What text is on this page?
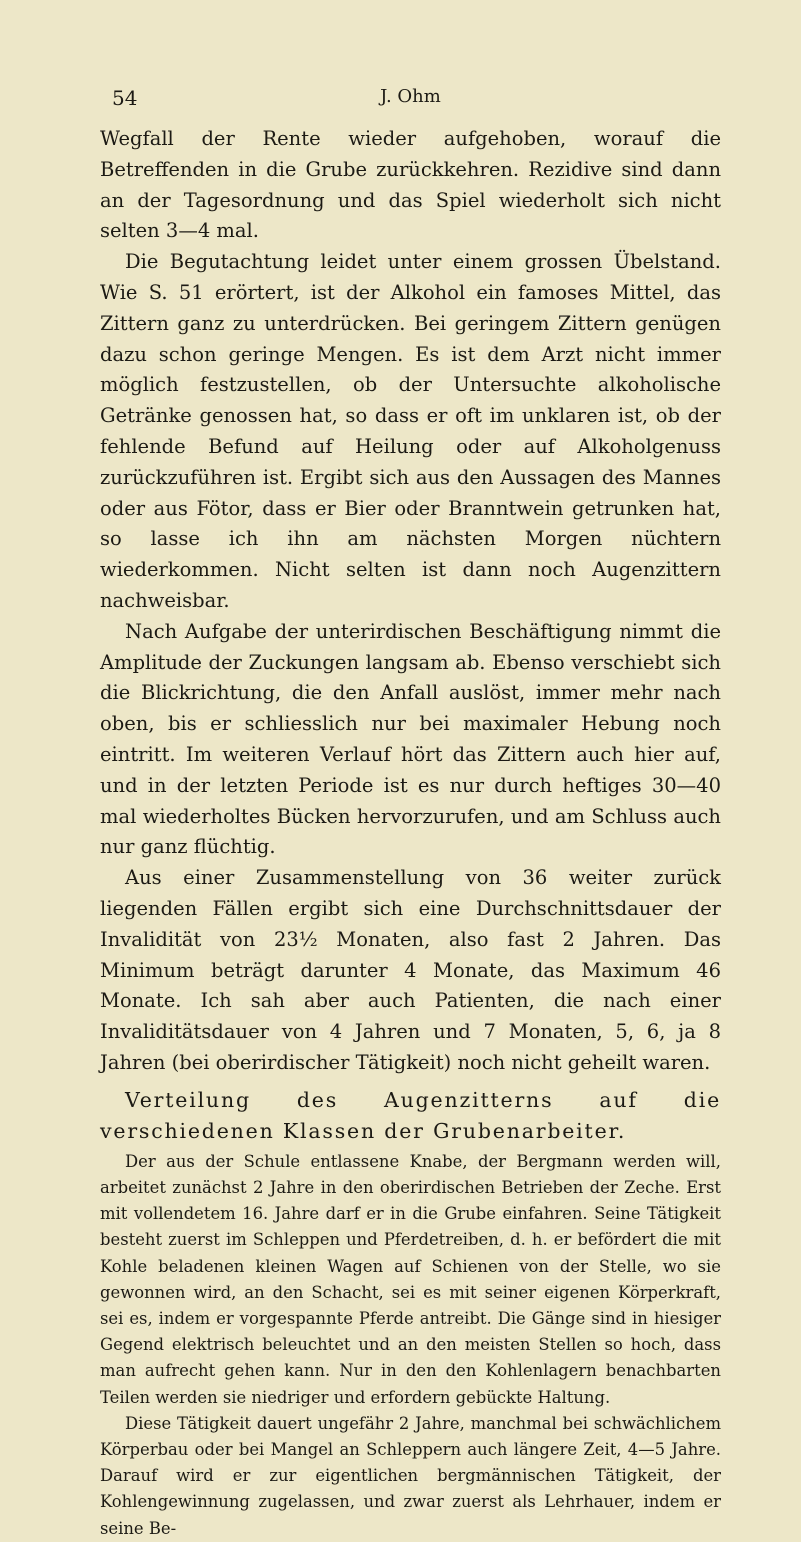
54	J. Ohm

Wegfall der Rente wieder aufgehoben, worauf die Betreffenden in die Grube zurückkehren. Rezidive sind dann an der Tagesordnung und das Spiel wiederholt sich nicht selten 3—4 mal.

Die Begutachtung leidet unter einem grossen Übelstand. Wie S. 51 erörtert, ist der Alkohol ein famoses Mittel, das Zittern ganz zu unterdrücken. Bei geringem Zittern genügen dazu schon geringe Mengen. Es ist dem Arzt nicht immer möglich festzustellen, ob der Untersuchte alkoholische Getränke genossen hat, so dass er oft im unklaren ist, ob der fehlende Befund auf Heilung oder auf Alkoholgenuss zurückzuführen ist. Ergibt sich aus den Aussagen des Mannes oder aus Fötor, dass er Bier oder Branntwein getrunken hat, so lasse ich ihn am nächsten Morgen nüchtern wiederkommen. Nicht selten ist dann noch Augenzittern nachweisbar.

Nach Aufgabe der unterirdischen Beschäftigung nimmt die Amplitude der Zuckungen langsam ab. Ebenso verschiebt sich die Blickrichtung, die den Anfall auslöst, immer mehr nach oben, bis er schliesslich nur bei maximaler Hebung noch eintritt. Im weiteren Verlauf hört das Zittern auch hier auf, und in der letzten Periode ist es nur durch heftiges 30—40 mal wiederholtes Bücken hervorzurufen, und am Schluss auch nur ganz flüchtig.

Aus einer Zusammenstellung von 36 weiter zurück liegenden Fällen ergibt sich eine Durchschnittsdauer der Invalidität von 23½ Monaten, also fast 2 Jahren. Das Minimum beträgt darunter 4 Monate, das Maximum 46 Monate. Ich sah aber auch Patienten, die nach einer Invaliditätsdauer von 4 Jahren und 7 Monaten, 5, 6, ja 8 Jahren (bei oberirdischer Tätigkeit) noch nicht geheilt waren.

Verteilung des Augenzitterns auf die verschiedenen Klassen der Grubenarbeiter.

Der aus der Schule entlassene Knabe, der Bergmann werden will, arbeitet zunächst 2 Jahre in den oberirdischen Betrieben der Zeche. Erst mit vollendetem 16. Jahre darf er in die Grube einfahren. Seine Tätigkeit besteht zuerst im Schleppen und Pferdetreiben, d. h. er befördert die mit Kohle beladenen kleinen Wagen auf Schienen von der Stelle, wo sie gewonnen wird, an den Schacht, sei es mit seiner eigenen Körperkraft, sei es, indem er vorgespannte Pferde antreibt. Die Gänge sind in hiesiger Gegend elektrisch beleuchtet und an den meisten Stellen so hoch, dass man aufrecht gehen kann. Nur in den den Kohlenlagern benachbarten Teilen werden sie niedriger und erfordern gebückte Haltung.

Diese Tätigkeit dauert ungefähr 2 Jahre, manchmal bei schwächlichem Körperbau oder bei Mangel an Schleppern auch längere Zeit, 4—5 Jahre. Darauf wird er zur eigentlichen bergmännischen Tätigkeit, der Kohlengewinnung zugelassen, und zwar zuerst als Lehrhauer, indem er seine Be-
